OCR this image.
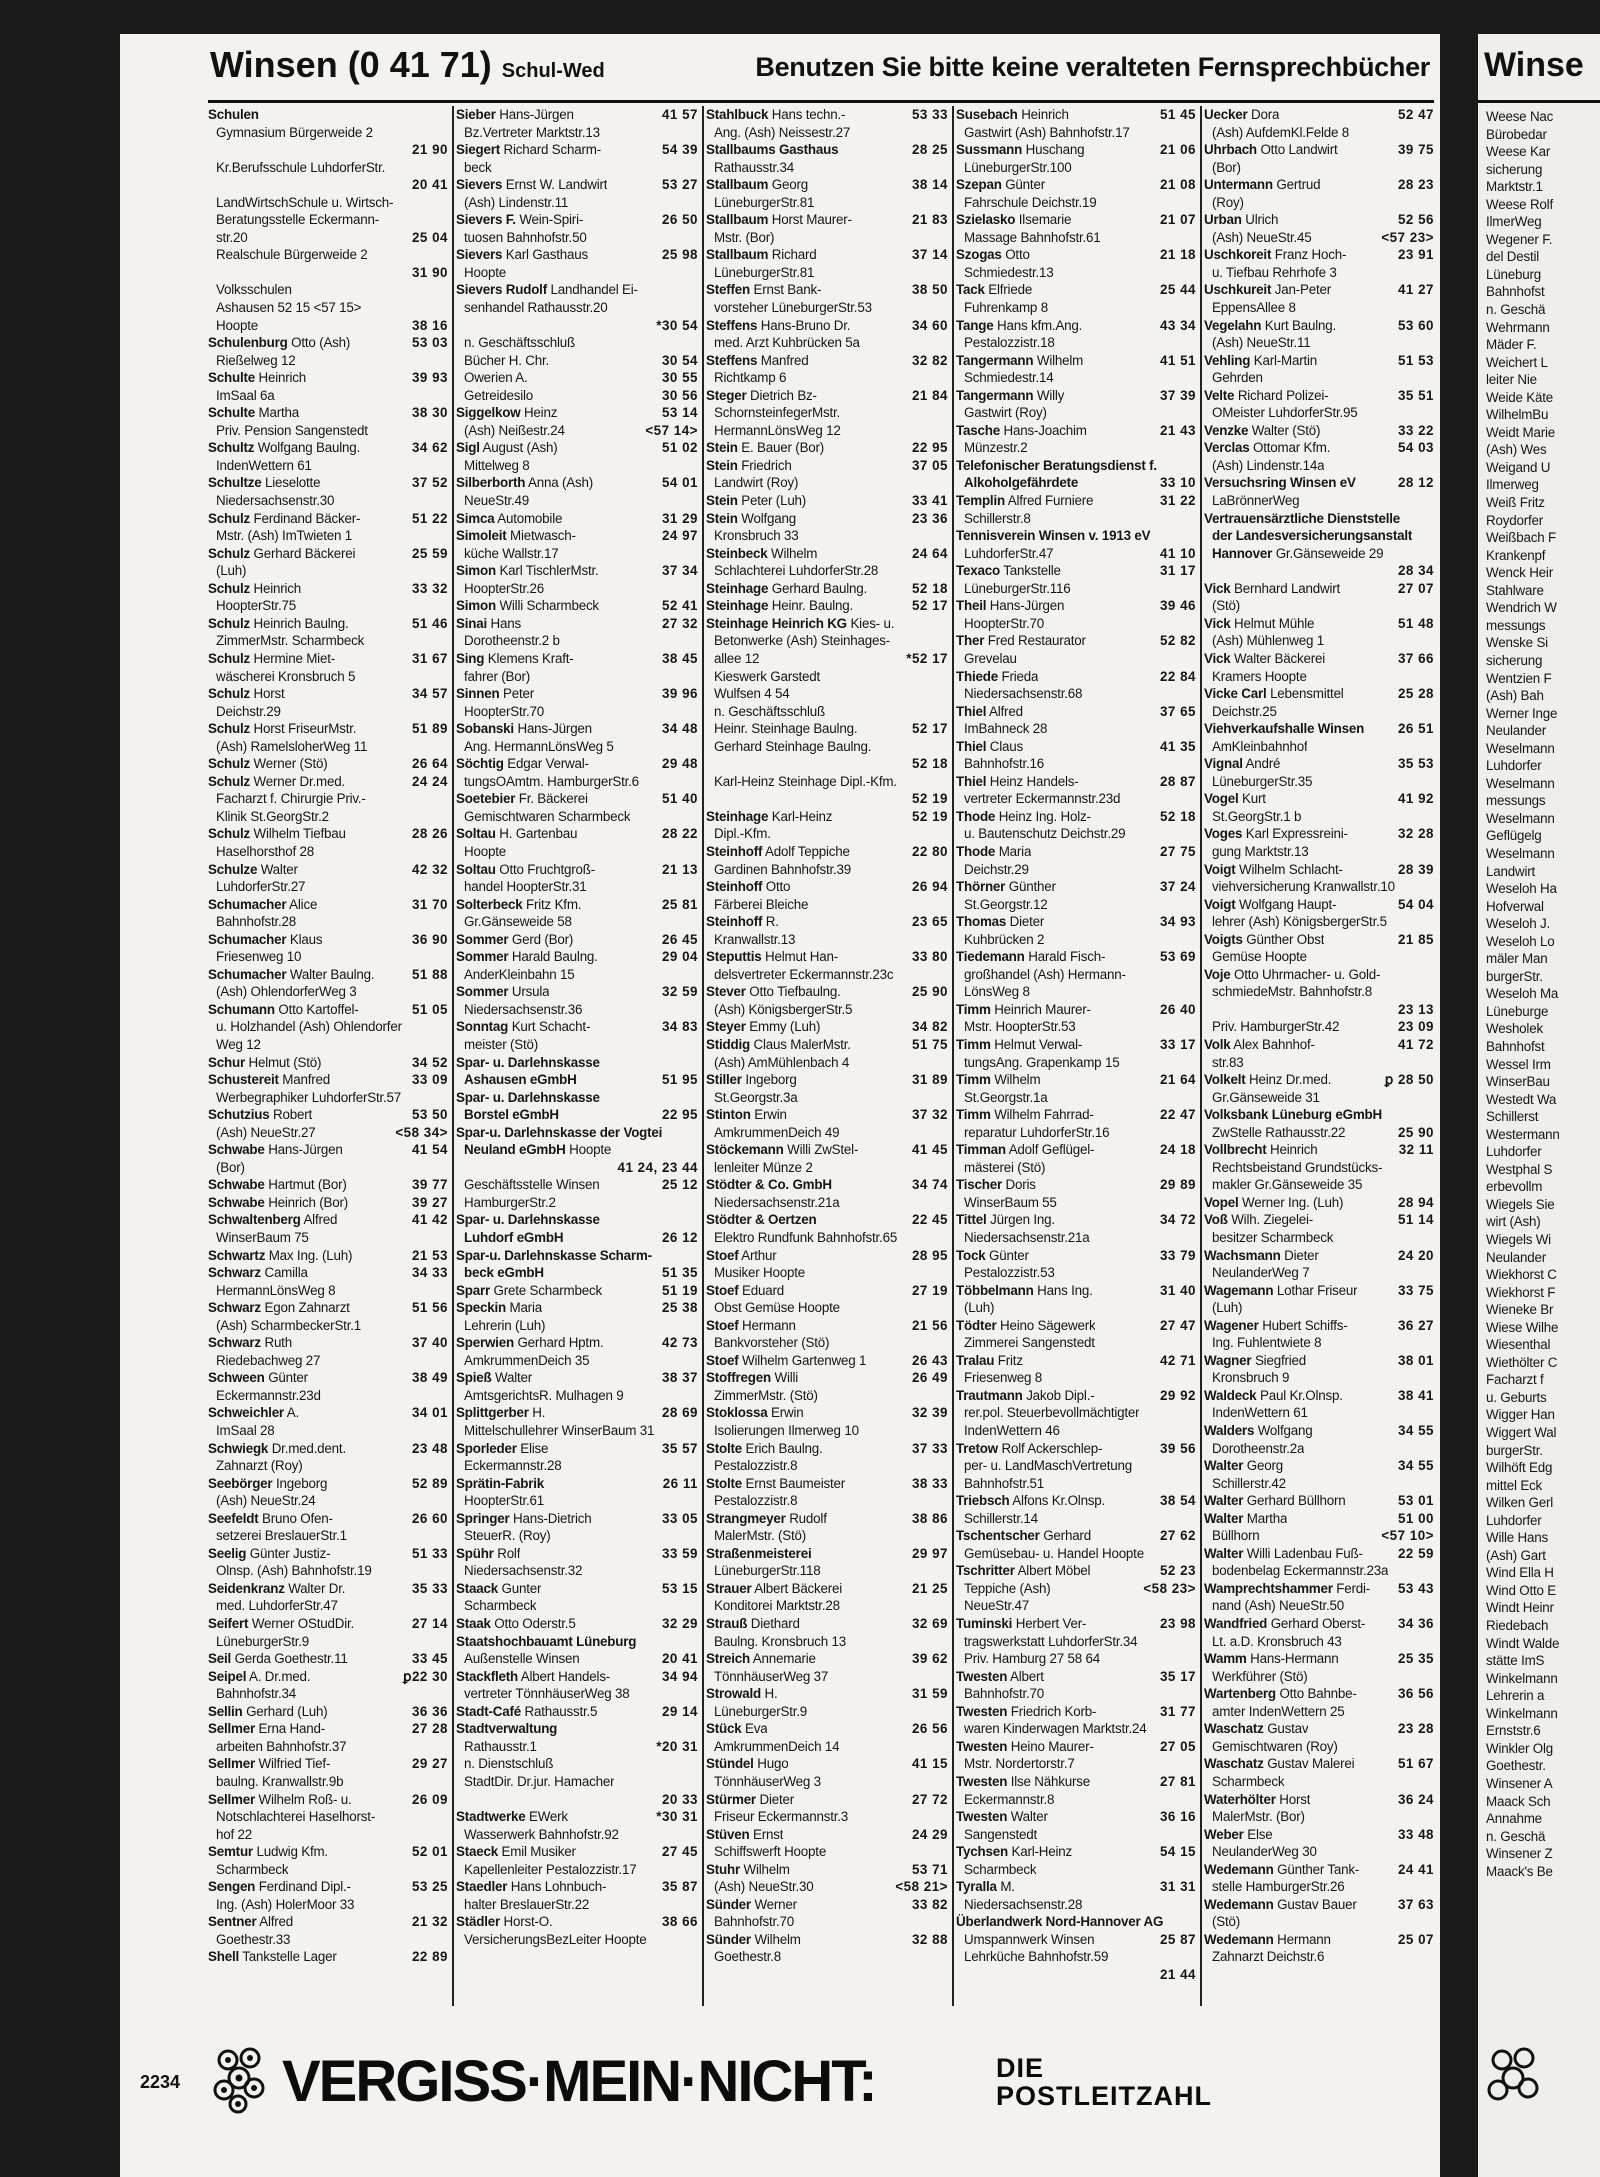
Winsen (0 41 71) Schul-Wed	Benutzen Sie bitte keine veralteten Fernsprechbücher
Schulen
Gymnasium Bürgerweide 2
21 90
Kr.Berufsschule LuhdorferStr.
20 41
LandWirtschSchule u. Wirtsch-
Beratungsstelle Eckermann-
str.20	25 04
Realschule Bürgerweide 2
31 90
Volksschulen
Ashausen 52 15 <57 15>
Hoopte	38 16
Schulenburg Otto (Ash)	53 03
Rießelweg 12
Schulte Heinrich	39 93
ImSaal 6a
Schulte Martha	38 30
Priv. Pension Sangenstedt
Schultz Wolfgang Baulng.	34 62
IndenWettern 61
Schultze Lieselotte	37 52
Niedersachsenstr.30
Schulz Ferdinand Bäcker-	51 22
Mstr. (Ash) ImTwieten 1
Schulz Gerhard Bäckerei	25 59
(Luh)
Schulz Heinrich	33 32
HoopterStr.75
Schulz Heinrich Baulng.	51 46
ZimmerMstr. Scharmbeck
Schulz Hermine Miet-	31 67
wäscherei Kronsbruch 5
Schulz Horst	34 57
Deichstr.29
Schulz Horst FriseurMstr.	51 89
(Ash) RamelsloherWeg 11
Schulz Werner (Stö)	26 64
Schulz Werner Dr.med.	24 24
Facharzt f. Chirurgie Priv.-
Klinik St.GeorgStr.2
Schulz Wilhelm Tiefbau	28 26
Haselhorsthof 28
Schulze Walter	42 32
LuhdorferStr.27
Schumacher Alice	31 70
Bahnhofstr.28
Schumacher Klaus	36 90
Friesenweg 10
Schumacher Walter Baulng.	51 88
(Ash) OhlendorferWeg 3
Schumann Otto Kartoffel-	51 05
u. Holzhandel (Ash) Ohlendorfer
Weg 12
Schur Helmut (Stö)	34 52
Schustereit Manfred	33 09
Werbegraphiker LuhdorferStr.57
Schutzius Robert	53 50
(Ash) NeueStr.27	<58 34>
Schwabe Hans-Jürgen	41 54
(Bor)
Schwabe Hartmut (Bor)	39 77
Schwabe Heinrich (Bor)	39 27
Schwaltenberg Alfred	41 42
WinserBaum 75
Schwartz Max Ing. (Luh)	21 53
Schwarz Camilla	34 33
HermannLönsWeg 8
Schwarz Egon Zahnarzt	51 56
(Ash) ScharmbeckerStr.1
Schwarz Ruth	37 40
Riedebachweg 27
Schween Günter	38 49
Eckermannstr.23d
Schweichler A.	34 01
ImSaal 28
Schwiegk Dr.med.dent.	23 48
Zahnarzt (Roy)
Seebörger Ingeborg	52 89
(Ash) NeueStr.24
Seefeldt Bruno Ofen-	26 60
setzerei BreslauerStr.1
Seelig Günter Justiz-	51 33
Olnsp. (Ash) Bahnhofstr.19
Seidenkranz Walter Dr.	35 33
med. LuhdorferStr.47
Seifert Werner OStudDir.	27 14
LüneburgerStr.9
Seil Gerda Goethestr.11	33 45
Seipel A. Dr.med.	ꝑ22 30
Bahnhofstr.34
Sellin Gerhard (Luh)	36 36
Sellmer Erna Hand-	27 28
arbeiten Bahnhofstr.37
Sellmer Wilfried Tief-	29 27
baulng. Kranwallstr.9b
Sellmer Wilhelm Roß- u.	26 09
Notschlachterei Haselhorst-
hof 22
Semtur Ludwig Kfm.	52 01
Scharmbeck
Sengen Ferdinand Dipl.-	53 25
Ing. (Ash) HolerMoor 33
Sentner Alfred	21 32
Goethestr.33
Shell Tankstelle Lager	22 89
Sieber Hans-Jürgen	41 57
Bz.Vertreter Marktstr.13
Siegert Richard Scharm-	54 39
beck
Sievers Ernst W. Landwirt	53 27
(Ash) Lindenstr.11
Sievers F. Wein-Spiri-	26 50
tuosen Bahnhofstr.50
Sievers Karl Gasthaus	25 98
Hoopte
Sievers Rudolf Landhandel Ei-
senhandel Rathausstr.20
*30 54
n. Geschäftsschluß
Bücher H. Chr.	30 54
Owerien A.	30 55
Getreidesilo	30 56
Siggelkow Heinz	53 14
(Ash) Neißestr.24	<57 14>
Sigl August (Ash)	51 02
Mittelweg 8
Silberborth Anna (Ash)	54 01
NeueStr.49
Simca Automobile	31 29
Simoleit Mietwasch-	24 97
küche Wallstr.17
Simon Karl TischlerMstr.	37 34
HoopterStr.26
Simon Willi Scharmbeck	52 41
Sinai Hans	27 32
Dorotheenstr.2 b
Sing Klemens Kraft-	38 45
fahrer (Bor)
Sinnen Peter	39 96
HoopterStr.70
Sobanski Hans-Jürgen	34 48
Ang. HermannLönsWeg 5
Söchtig Edgar Verwal-	29 48
tungsOAmtm. HamburgerStr.6
Soetebier Fr. Bäckerei	51 40
Gemischtwaren Scharmbeck
Soltau H. Gartenbau	28 22
Hoopte
Soltau Otto Fruchtgroß-	21 13
handel HoopterStr.31
Solterbeck Fritz Kfm.	25 81
Gr.Gänseweide 58
Sommer Gerd (Bor)	26 45
Sommer Harald Baulng.	29 04
AnderKleinbahn 15
Sommer Ursula	32 59
Niedersachsenstr.36
Sonntag Kurt Schacht-	34 83
meister (Stö)
Spar- u. Darlehnskasse
Ashausen eGmbH	51 95
Spar- u. Darlehnskasse
Borstel eGmbH	22 95
Spar-u. Darlehnskasse der Vogtei
Neuland eGmbH Hoopte
41 24, 23 44
Geschäftsstelle Winsen	25 12
HamburgerStr.2
Spar- u. Darlehnskasse
Luhdorf eGmbH	26 12
Spar-u. Darlehnskasse Scharm-
beck eGmbH	51 35
Sparr Grete Scharmbeck	51 19
Speckin Maria	25 38
Lehrerin (Luh)
Sperwien Gerhard Hptm.	42 73
AmkrummenDeich 35
Spieß Walter	38 37
AmtsgerichtsR. Mulhagen 9
Splittgerber H.	28 69
Mittelschullehrer WinserBaum 31
Sporleder Elise	35 57
Eckermannstr.28
Sprätin-Fabrik	26 11
HoopterStr.61
Springer Hans-Dietrich	33 05
SteuerR. (Roy)
Spühr Rolf	33 59
Niedersachsenstr.32
Staack Gunter	53 15
Scharmbeck
Staak Otto Oderstr.5	32 29
Staatshochbauamt Lüneburg
Außenstelle Winsen	20 41
Stackfleth Albert Handels-	34 94
vertreter TönnhäuserWeg 38
Stadt-Café Rathausstr.5	29 14
Stadtverwaltung
Rathausstr.1	*20 31
n. Dienstschluß
StadtDir. Dr.jur. Hamacher
20 33
Stadtwerke EWerk	*30 31
Wasserwerk Bahnhofstr.92
Staeck Emil Musiker	27 45
Kapellenleiter Pestalozzistr.17
Staedler Hans Lohnbuch-	35 87
halter BreslauerStr.22
Städler Horst-O.	38 66
VersicherungsBezLeiter Hoopte
Stahlbuck Hans techn.-	53 33
Ang. (Ash) Neissestr.27
Stallbaums Gasthaus	28 25
Rathausstr.34
Stallbaum Georg	38 14
LüneburgerStr.81
Stallbaum Horst Maurer-	21 83
Mstr. (Bor)
Stallbaum Richard	37 14
LüneburgerStr.81
Steffen Ernst Bank-	38 50
vorsteher LüneburgerStr.53
Steffens Hans-Bruno Dr.	34 60
med. Arzt Kuhbrücken 5a
Steffens Manfred	32 82
Richtkamp 6
Steger Dietrich Bz-	21 84
SchornsteinfegerMstr.
HermannLönsWeg 12
Stein E. Bauer (Bor)	22 95
Stein Friedrich	37 05
Landwirt (Roy)
Stein Peter (Luh)	33 41
Stein Wolfgang	23 36
Kronsbruch 33
Steinbeck Wilhelm	24 64
Schlachterei LuhdorferStr.28
Steinhage Gerhard Baulng.	52 18
Steinhage Heinr. Baulng.	52 17
Steinhage Heinrich KG Kies- u.
Betonwerke (Ash) Steinhages-
allee 12	*52 17
Kieswerk Garstedt
Wulfsen 4 54
n. Geschäftsschluß
Heinr. Steinhage Baulng.	52 17
Gerhard Steinhage Baulng.
52 18
Karl-Heinz Steinhage Dipl.-Kfm.
52 19
Steinhage Karl-Heinz	52 19
Dipl.-Kfm.
Steinhoff Adolf Teppiche	22 80
Gardinen Bahnhofstr.39
Steinhoff Otto	26 94
Färberei Bleiche
Steinhoff R.	23 65
Kranwallstr.13
Steputtis Helmut Han-	33 80
delsvertreter Eckermannstr.23c
Stever Otto Tiefbaulng.	25 90
(Ash) KönigsbergerStr.5
Steyer Emmy (Luh)	34 82
Stiddig Claus MalerMstr.	51 75
(Ash) AmMühlenbach 4
Stiller Ingeborg	31 89
St.Georgstr.3a
Stinton Erwin	37 32
AmkrummenDeich 49
Stöckemann Willi ZwStel-	41 45
lenleiter Münze 2
Stödter & Co. GmbH	34 74
Niedersachsenstr.21a
Stödter & Oertzen	22 45
Elektro Rundfunk Bahnhofstr.65
Stoef Arthur	28 95
Musiker Hoopte
Stoef Eduard	27 19
Obst Gemüse Hoopte
Stoef Hermann	21 56
Bankvorsteher (Stö)
Stoef Wilhelm Gartenweg 1	26 43
Stoffregen Willi	26 49
ZimmerMstr. (Stö)
Stoklossa Erwin	32 39
Isolierungen Ilmerweg 10
Stolte Erich Baulng.	37 33
Pestalozzistr.8
Stolte Ernst Baumeister	38 33
Pestalozzistr.8
Strangmeyer Rudolf	38 86
MalerMstr. (Stö)
Straßenmeisterei	29 97
LüneburgerStr.118
Strauer Albert Bäckerei	21 25
Konditorei Marktstr.28
Strauß Diethard	32 69
Baulng. Kronsbruch 13
Streich Annemarie	39 62
TönnhäuserWeg 37
Strowald H.	31 59
LüneburgerStr.9
Stück Eva	26 56
AmkrummenDeich 14
Stündel Hugo	41 15
TönnhäuserWeg 3
Stürmer Dieter	27 72
Friseur Eckermannstr.3
Stüven Ernst	24 29
Schiffswerft Hoopte
Stuhr Wilhelm	53 71
(Ash) NeueStr.30	<58 21>
Sünder Werner	33 82
Bahnhofstr.70
Sünder Wilhelm	32 88
Goethestr.8
Susebach Heinrich	51 45
Gastwirt (Ash) Bahnhofstr.17
Sussmann Huschang	21 06
LüneburgerStr.100
Szepan Günter	21 08
Fahrschule Deichstr.19
Szielasko Ilsemarie	21 07
Massage Bahnhofstr.61
Szogas Otto	21 18
Schmiedestr.13
Tack Elfriede	25 44
Fuhrenkamp 8
Tange Hans kfm.Ang.	43 34
Pestalozzistr.18
Tangermann Wilhelm	41 51
Schmiedestr.14
Tangermann Willy	37 39
Gastwirt (Roy)
Tasche Hans-Joachim	21 43
Münzestr.2
Telefonischer Beratungsdienst f.
Alkoholgefährdete	33 10
Templin Alfred Furniere	31 22
Schillerstr.8
Tennisverein Winsen v. 1913 eV
LuhdorferStr.47	41 10
Texaco Tankstelle	31 17
LüneburgerStr.116
Theil Hans-Jürgen	39 46
HoopterStr.70
Ther Fred Restaurator	52 82
Grevelau
Thiede Frieda	22 84
Niedersachsenstr.68
Thiel Alfred	37 65
ImBahneck 28
Thiel Claus	41 35
Bahnhofstr.16
Thiel Heinz Handels-	28 87
vertreter Eckermannstr.23d
Thode Heinz Ing. Holz-	52 18
u. Bautenschutz Deichstr.29
Thode Maria	27 75
Deichstr.29
Thörner Günther	37 24
St.Georgstr.12
Thomas Dieter	34 93
Kuhbrücken 2
Tiedemann Harald Fisch-	53 69
großhandel (Ash) Hermann-
LönsWeg 8
Timm Heinrich Maurer-	26 40
Mstr. HoopterStr.53
Timm Helmut Verwal-	33 17
tungsAng. Grapenkamp 15
Timm Wilhelm	21 64
St.Georgstr.1a
Timm Wilhelm Fahrrad-	22 47
reparatur LuhdorferStr.16
Timman Adolf Geflügel-	24 18
mästerei (Stö)
Tischer Doris	29 89
WinserBaum 55
Tittel Jürgen Ing.	34 72
Niedersachsenstr.21a
Tock Günter	33 79
Pestalozzistr.53
Többelmann Hans Ing.	31 40
(Luh)
Tödter Heino Sägewerk	27 47
Zimmerei Sangenstedt
Tralau Fritz	42 71
Friesenweg 8
Trautmann Jakob Dipl.-	29 92
rer.pol. Steuerbevollmächtigter
IndenWettern 46
Tretow Rolf Ackerschlep-	39 56
per- u. LandMaschVertretung
Bahnhofstr.51
Triebsch Alfons Kr.Olnsp.	38 54
Schillerstr.14
Tschentscher Gerhard	27 62
Gemüsebau- u. Handel Hoopte
Tschritter Albert Möbel	52 23
Teppiche (Ash)	<58 23>
NeueStr.47
Tuminski Herbert Ver-	23 98
tragswerkstatt LuhdorferStr.34
Priv. Hamburg 27 58 64
Twesten Albert	35 17
Bahnhofstr.70
Twesten Friedrich Korb-	31 77
waren Kinderwagen Marktstr.24
Twesten Heino Maurer-	27 05
Mstr. Nordertorstr.7
Twesten Ilse Nähkurse	27 81
Eckermannstr.8
Twesten Walter	36 16
Sangenstedt
Tychsen Karl-Heinz	54 15
Scharmbeck
Tyralla M.	31 31
Niedersachsenstr.28
Überlandwerk Nord-Hannover AG
Umspannwerk Winsen	25 87
Lehrküche Bahnhofstr.59
21 44
Uecker Dora	52 47
(Ash) AufdemKl.Felde 8
Uhrbach Otto Landwirt	39 75
(Bor)
Untermann Gertrud	28 23
(Roy)
Urban Ulrich	52 56
(Ash) NeueStr.45	<57 23>
Uschkoreit Franz Hoch-	23 91
u. Tiefbau Rehrhofe 3
Uschkureit Jan-Peter	41 27
EppensAllee 8
Vegelahn Kurt Baulng.	53 60
(Ash) NeueStr.11
Vehling Karl-Martin	51 53
Gehrden
Velte Richard Polizei-	35 51
OMeister LuhdorferStr.95
Venzke Walter (Stö)	33 22
Verclas Ottomar Kfm.	54 03
(Ash) Lindenstr.14a
Versuchsring Winsen eV	28 12
LaBrönnerWeg
Vertrauensärztliche Dienststelle
der Landesversicherungsanstalt
Hannover Gr.Gänseweide 29
28 34
Vick Bernhard Landwirt	27 07
(Stö)
Vick Helmut Mühle	51 48
(Ash) Mühlenweg 1
Vick Walter Bäckerei	37 66
Kramers Hoopte
Vicke Carl Lebensmittel	25 28
Deichstr.25
Viehverkaufshalle Winsen	26 51
AmKleinbahnhof
Vignal André	35 53
LüneburgerStr.35
Vogel Kurt	41 92
St.GeorgStr.1 b
Voges Karl Expressreini-	32 28
gung Marktstr.13
Voigt Wilhelm Schlacht-	28 39
viehversicherung Kranwallstr.10
Voigt Wolfgang Haupt-	54 04
lehrer (Ash) KönigsbergerStr.5
Voigts Günther Obst	21 85
Gemüse Hoopte
Voje Otto Uhrmacher- u. Gold-
schmiedeMstr. Bahnhofstr.8
23 13
Priv. HamburgerStr.42	23 09
Volk Alex Bahnhof-	41 72
str.83
Volkelt Heinz Dr.med.	ꝑ 28 50
Gr.Gänseweide 31
Volksbank Lüneburg eGmbH
ZwStelle Rathausstr.22	25 90
Vollbrecht Heinrich	32 11
Rechtsbeistand Grundstücks-
makler Gr.Gänseweide 35
Vopel Werner Ing. (Luh)	28 94
Voß Wilh. Ziegelei-	51 14
besitzer Scharmbeck
Wachsmann Dieter	24 20
NeulanderWeg 7
Wagemann Lothar Friseur	33 75
(Luh)
Wagener Hubert Schiffs-	36 27
Ing. Fuhlentwiete 8
Wagner Siegfried	38 01
Kronsbruch 9
Waldeck Paul Kr.Olnsp.	38 41
IndenWettern 61
Walders Wolfgang	34 55
Dorotheenstr.2a
Walter Georg	34 55
Schillerstr.42
Walter Gerhard Büllhorn	53 01
Walter Martha	51 00
Büllhorn	<57 10>
Walter Willi Ladenbau Fuß-	22 59
bodenbelag Eckermannstr.23a
Wamprechtshammer Ferdi- 53 43
nand (Ash) NeueStr.50
Wandfried Gerhard Oberst- 34 36
Lt. a.D. Kronsbruch 43
Wamm Hans-Hermann	25 35
Werkführer (Stö)
Wartenberg Otto Bahnbe-	36 56
amter IndenWettern 25
Waschatz Gustav	23 28
Gemischtwaren (Roy)
Waschatz Gustav Malerei	51 67
Scharmbeck
Waterhölter Horst	36 24
MalerMstr. (Bor)
Weber Else	33 48
NeulanderWeg 30
Wedemann Günther Tank-	24 41
stelle HamburgerStr.26
Wedemann Gustav Bauer	37 63
(Stö)
Wedemann Hermann	25 07
Zahnarzt Deichstr.6
VERGISS·MEIN·NICHT:	DIE
POSTLEITZAHL
2234
Winse
Weese Nac
Bürobedar
Weese Kar
sicherung
Marktstr.1
Weese Rolf
IlmerWeg
Wegener F.
del Destil
Lüneburg
Bahnhofst
n. Geschä
Wehrmann
Mäder F.
Weichert L
leiter Nie
Weide Käte
WilhelmBu
Weidt Marie
(Ash) Wes
Weigand U
Ilmerweg
Weiß Fritz
Roydorfer
Weißbach F
Krankenpf
Wenck Heir
Stahlware
Wendrich W
messungs
Wenske Si
sicherung
Wentzien F
(Ash) Bah
Werner Inge
Neulander
Weselmann
Luhdorfer
Weselmann
messungs
Weselmann
Geflügelg
Weselmann
Landwirt
Weseloh Ha
Hofverwal
Weseloh J.
Weseloh Lo
mäler Man
burgerStr.
Weseloh Ma
Lüneburge
Wesholek
Bahnhofst
Wessel Irm
WinserBau
Westedt Wa
Schillerst
Westermann
Luhdorfer
Westphal S
erbevollm
Wiegels Sie
wirt (Ash)
Wiegels Wi
Neulander
Wiekhorst C
Wiekhorst F
Wieneke Br
Wiese Wilhe
Wiesenthal
Wiethölter C
Facharzt f
u. Geburts
Wigger Han
Wiggert Wal
burgerStr.
Wilhöft Edg
mittel Eck
Wilken Gerl
Luhdorfer
Wille Hans
(Ash) Gart
Wind Ella H
Wind Otto E
Windt Heinr
Riedebach
Windt Walde
stätte ImS
Winkelmann
Lehrerin a
Winkelmann
Ernststr.6
Winkler Olg
Goethestr.
Winsener A
Maack Sch
Annahme
n. Geschä
Winsener Z
Maack's Be
